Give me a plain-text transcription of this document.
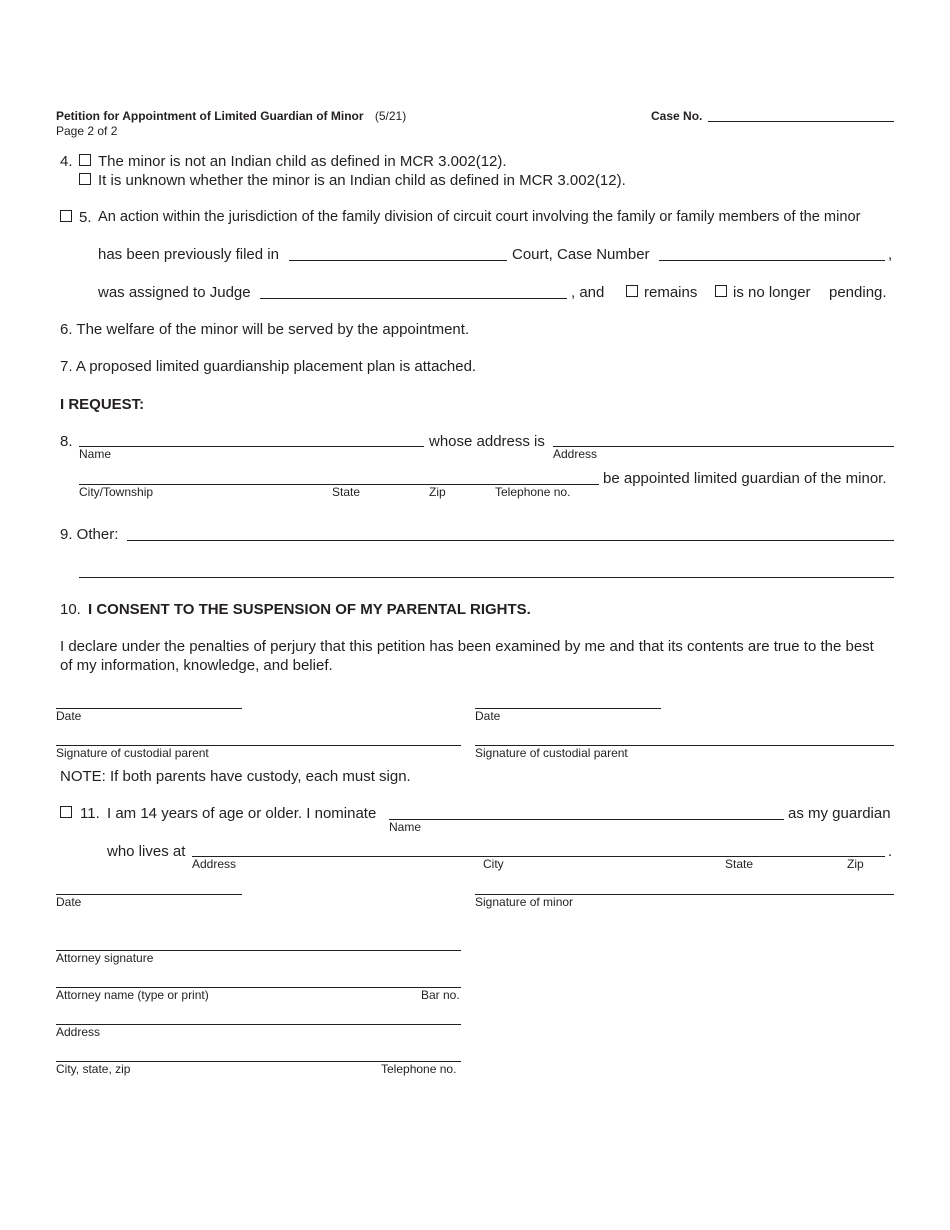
Petition for Appointment of Limited Guardian of Minor (5/21)
Page 2 of 2
Case No.
4. The minor is not an Indian child as defined in MCR 3.002(12).
It is unknown whether the minor is an Indian child as defined in MCR 3.002(12).
5. An action within the jurisdiction of the family division of circuit court involving the family or family members of the minor
has been previously filed in	Court, Case Number	,
was assigned to Judge	, and	remains is no longer pending.
6. The welfare of the minor will be served by the appointment.
7. A proposed limited guardianship placement plan is attached.
I REQUEST:
8.
Name
whose address is
Address
City/Township	State	Zip	Telephone no.
be appointed limited guardian of the minor.
9. Other:
10. I CONSENT TO THE SUSPENSION OF MY PARENTAL RIGHTS.
I declare under the penalties of perjury that this petition has been examined by me and that its contents are true to the best
of my information, knowledge, and belief.
Date	Date
Signature of custodial parent	Signature of custodial parent
NOTE: If both parents have custody, each must sign.
11. I am 14 years of age or older. I nominate
Name
as my guardian
who lives at	.
Address	City	State	Zip
Date	Signature of minor
Attorney signature
Attorney name (type or print)	Bar no.
Address
City, state, zip	Telephone no.
